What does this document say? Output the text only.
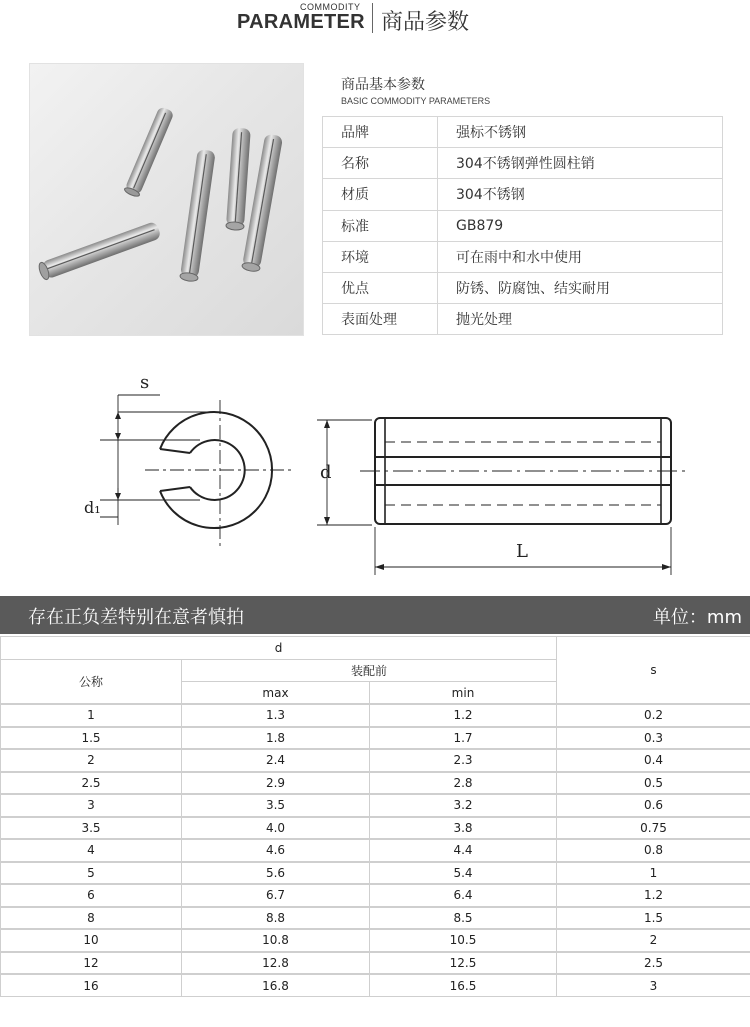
COMMODITY
PARAMETER 商品参数
商品基本参数
BASIC COMMODITY PARAMETERS
品牌	强标不锈钢
名称	304不锈钢弹性圆柱销
材质	304不锈钢
标准	GB879
环境	可在雨中和水中使用
优点	防锈、防腐蚀、结实耐用
表面处理	抛光处理
s
d₁
d
L
存在正负差特别在意者慎拍	单位：mm
d			s
公称	装配前		
	max	min	
1	1.3	1.2	0.2
1.5	1.8	1.7	0.3
2	2.4	2.3	0.4
2.5	2.9	2.8	0.5
3	3.5	3.2	0.6
3.5	4.0	3.8	0.75
4	4.6	4.4	0.8
5	5.6	5.4	1
6	6.7	6.4	1.2
8	8.8	8.5	1.5
10	10.8	10.5	2
12	12.8	12.5	2.5
16	16.8	16.5	3
